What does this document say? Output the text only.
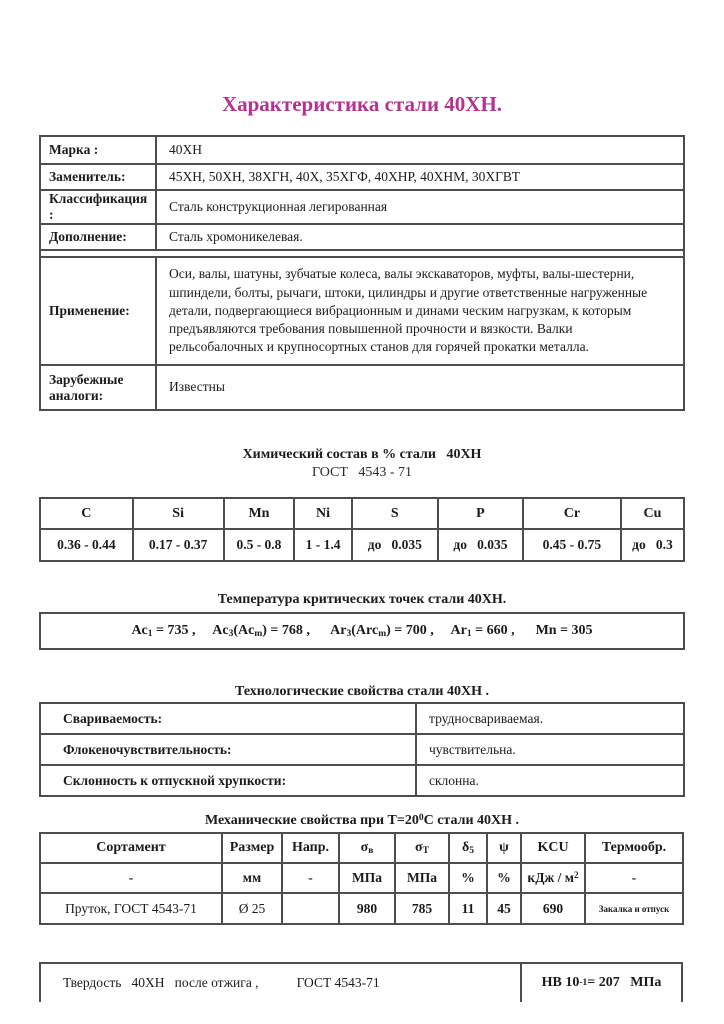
Характеристика стали 40ХН.
Марка :	40ХН
Заменитель:	45ХН, 50ХН, 38ХГН, 40Х, 35ХГФ, 40ХНР, 40ХНМ, 30ХГВТ
Классификация :	Сталь конструкционная легированная
Дополнение:	Сталь хромоникелевая.

Применение:	Оси, валы, шатуны, зубчатые колеса, валы экскаваторов, муфты, валы-шестерни, шпиндели, болты, рычаги, штоки, цилиндры и другие ответственные нагруженные детали, подвергающиеся вибрационным и динами ческим нагрузкам, к которым предъявляются требования повышенной прочности и вязкости. Валки рельсобалочных и крупносортных станов для горячей прокатки металла.
Зарубежные аналоги:	Известны
Химический состав в % стали   40ХН
ГОСТ   4543 - 71
C	Si	Mn	Ni	S	P	Cr	Cu
0.36 - 0.44	0.17 - 0.37	0.5 - 0.8	1 - 1.4	до   0.035	до   0.035	0.45 - 0.75	до   0.3
Температура критических точек стали 40ХН.
$Ac_1 = 735$ ,     $Ac_3(Ac_m) = 768$ ,      $Ar_3(Arc_m) = 700$ ,     $Ar_1 = 660$ ,      Mn = 305
Технологические свойства стали 40ХН .
Свариваемость:	трудносвариваемая.
Флокеночувствительность:	чувствительна.
Склонность к отпускной хрупкости:	склонна.
Механические свойства при $Т=20^0С$ стали 40ХН .
Сортамент	Размер	Напр.	$\sigma_в$	$\sigma_Т$	$\delta_5$	ψ	KCU	Термообр.
-	мм	-	МПа	МПа	%	%	кДж / $м^2$	-
Пруток, ГОСТ 4543-71	Ø 25		980	785	11	45	690	Закалка и отпуск
Твердость   40ХН   после отжига ,	ГОСТ 4543-71	НВ 10 -1 = 207   МПа
